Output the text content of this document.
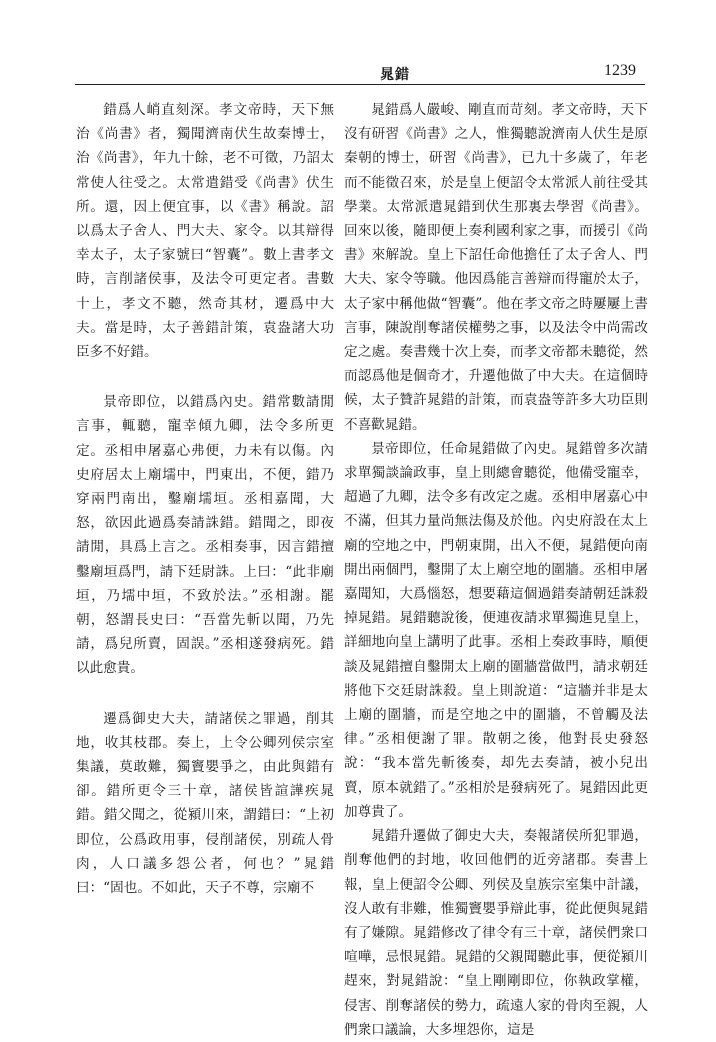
晁錯	1239

錯爲人峭直刻深。孝文帝時，天下無治《尚書》者，獨聞濟南伏生故秦博士，治《尚書》，年九十餘，老不可徵，乃詔太常使人往受之。太常遣錯受《尚書》伏生所。還，因上便宜事，以《書》稱說。詔以爲太子舍人、門大夫、家令。以其辯得幸太子，太子家號曰“智囊”。數上書孝文時，言削諸侯事，及法令可更定者。書數十上，孝文不聽，然奇其材，遷爲中大夫。當是時，太子善錯計策，袁盎諸大功臣多不好錯。

景帝即位，以錯爲內史。錯常數請閒言事，輒聽，寵幸傾九卿，法令多所更定。丞相申屠嘉心弗便，力未有以傷。內史府居太上廟壖中，門東出，不便，錯乃穿兩門南出，鑿廟壖垣。丞相嘉聞，大怒，欲因此過爲奏請誅錯。錯聞之，即夜請閒，具爲上言之。丞相奏事，因言錯擅鑿廟垣爲門，請下廷尉誅。上曰：“此非廟垣，乃壖中垣，不致於法。”丞相謝。罷朝，怒謂長史曰：“吾當先斬以聞，乃先請，爲兒所賣，固誤。”丞相遂發病死。錯以此愈貴。

遷爲御史大夫，請諸侯之罪過，削其地，收其枝郡。奏上，上令公卿列侯宗室集議，莫敢難，獨竇嬰爭之，由此與錯有卻。錯所更令三十章，諸侯皆諠譁疾晁錯。錯父聞之，從潁川來，謂錯曰：“上初即位，公爲政用事，侵削諸侯，別疏人骨肉，人口議多怨公者，何也？”晁錯曰：“固也。不如此，天子不尊，宗廟不

晁錯爲人嚴峻、剛直而苛刻。孝文帝時，天下沒有研習《尚書》之人，惟獨聽說濟南人伏生是原秦朝的博士，研習《尚書》，已九十多歲了，年老而不能徵召來，於是皇上便詔令太常派人前往受其學業。太常派遣晁錯到伏生那裏去學習《尚書》。回來以後，隨即便上奏利國利家之事，而援引《尚書》來解說。皇上下詔任命他擔任了太子舍人、門大夫、家令等職。他因爲能言善辯而得寵於太子，太子家中稱他做“智囊”。他在孝文帝之時屢屢上書言事，陳說削奪諸侯權勢之事，以及法令中尚需改定之處。奏書幾十次上奏，而孝文帝都未聽從，然而認爲他是個奇才，升遷他做了中大夫。在這個時候，太子贊許晁錯的計策，而袁盎等許多大功臣則不喜歡晁錯。

景帝即位，任命晁錯做了內史。晁錯曾多次請求單獨談論政事，皇上則總會聽從，他備受寵幸，超過了九卿，法令多有改定之處。丞相申屠嘉心中不滿，但其力量尚無法傷及於他。內史府設在太上廟的空地之中，門朝東開，出入不便，晁錯便向南開出兩個門，鑿開了太上廟空地的圍牆。丞相申屠嘉聞知，大爲惱怒，想要藉這個過錯奏請朝廷誅殺掉晁錯。晁錯聽說後，便連夜請求單獨進見皇上，詳細地向皇上講明了此事。丞相上奏政事時，順便談及晁錯擅自鑿開太上廟的圍牆當做門，請求朝廷將他下交廷尉誅殺。皇上則說道：“這牆并非是太上廟的圍牆，而是空地之中的圍牆，不曾觸及法律。”丞相便謝了罪。散朝之後，他對長史發怒說：“我本當先斬後奏，却先去奏請，被小兒出賣，原本就錯了。”丞相於是發病死了。晁錯因此更加尊貴了。

晁錯升遷做了御史大夫，奏報諸侯所犯罪過，削奪他們的封地，收回他們的近旁諸郡。奏書上報，皇上便詔令公卿、列侯及皇族宗室集中計議，沒人敢有非難，惟獨竇嬰爭辯此事，從此便與晁錯有了嫌隙。晁錯修改了律令有三十章，諸侯們衆口喧嘩，忌恨晁錯。晁錯的父親聞聽此事，便從潁川趕來，對晁錯說：“皇上剛剛即位，你執政掌權，侵害、削奪諸侯的勢力，疏遠人家的骨肉至親，人們衆口議論，大多埋怨你，這是
